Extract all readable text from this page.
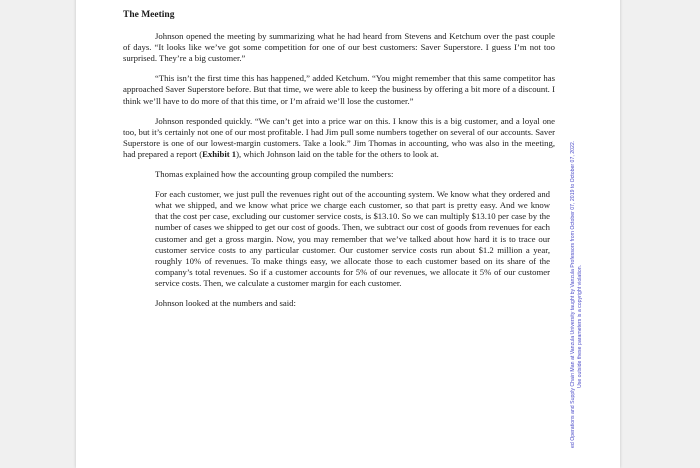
The Meeting

Johnson opened the meeting by summarizing what he had heard from Stevens and Ketchum over the past couple of days. “It looks like we’ve got some competition for one of our best customers: Saver Superstore. I guess I’m not too surprised. They’re a big customer.”

“This isn’t the first time this has happened,” added Ketchum. “You might remember that this same competitor has approached Saver Superstore before. But that time, we were able to keep the business by offering a bit more of a discount. I think we’ll have to do more of that this time, or I’m afraid we’ll lose the customer.”

Johnson responded quickly. “We can’t get into a price war on this. I know this is a big customer, and a loyal one too, but it’s certainly not one of our most profitable. I had Jim pull some numbers together on several of our accounts. Saver Superstore is one of our lowest-margin customers. Take a look.” Jim Thomas in accounting, who was also in the meeting, had prepared a report (Exhibit 1), which Johnson laid on the table for the others to look at.

Thomas explained how the accounting group compiled the numbers:

For each customer, we just pull the revenues right out of the accounting system. We know what they ordered and what we shipped, and we know what price we charge each customer, so that part is pretty easy. And we know that the cost per case, excluding our customer service costs, is $13.10. So we can multiply $13.10 per case by the number of cases we shipped to get our cost of goods. Then, we subtract our cost of goods from revenues for each customer and get a gross margin. Now, you may remember that we’ve talked about how hard it is to trace our customer service costs to any particular customer. Our customer service costs run about $1.2 million a year, roughly 10% of revenues. To make things easy, we allocate those to each customer based on its share of the company’s total revenues. So if a customer accounts for 5% of our revenues, we allocate it 5% of our customer service costs. Then, we calculate a customer margin for each customer.

Johnson looked at the numbers and said:	ed Operations and Supply Chain Man at Vanzula University taught by Vanzula Professors from October 07, 2019 to October 07, 2022. Use outside these parameters is a copyright violation.
